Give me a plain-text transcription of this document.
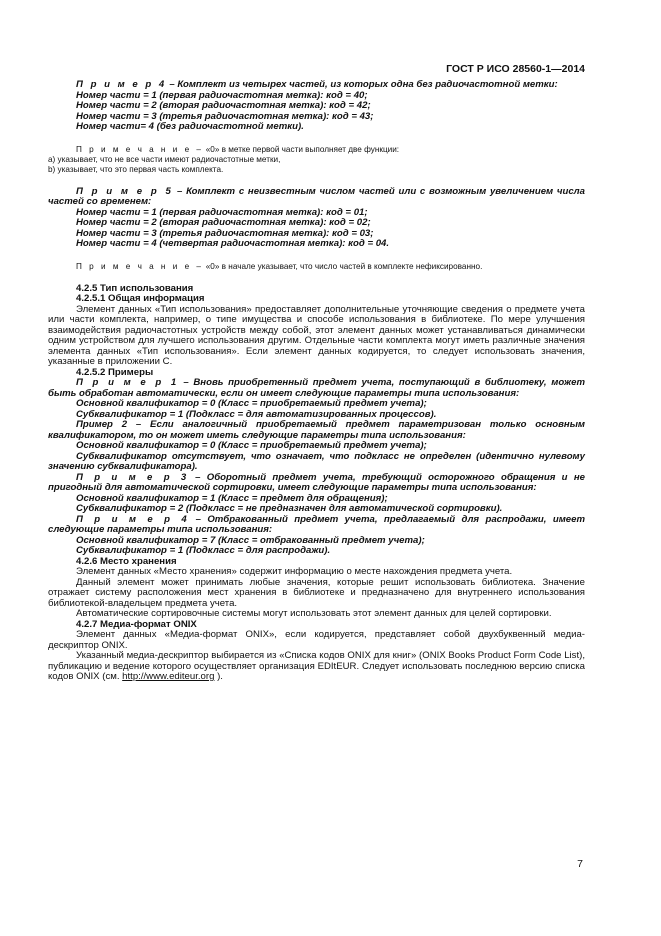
ГОСТ Р ИСО 28560-1—2014

П р и м е р 4 – Комплект из четырех частей, из которых одна без радиочастотной метки:

Номер части = 1 (первая радиочастотная метка): код = 40;
Номер части = 2 (вторая радиочастотная метка): код = 42;
Номер части = 3 (третья радиочастотная метка): код = 43;
Номер части= 4 (без радиочастотной метки).
П р и м е ч а н и е – «0» в метке первой части выполняет две функции:
a) указывает, что не все части имеют радиочастотные метки,
b) указывает, что это первая часть комплекта.

П р и м е р 5 – Комплект с неизвестным числом частей или с возможным увеличением числа частей со временем:

Номер части = 1 (первая радиочастотная метка): код = 01;
Номер части = 2 (вторая радиочастотная метка): код = 02;
Номер части = 3 (третья радиочастотная метка): код = 03;
Номер части = 4 (четвертая радиочастотная метка): код = 04.
П р и м е ч а н и е – «0» в начале указывает, что число частей в комплекте нефиксированно.
4.2.5 Тип использования
4.2.5.1 Общая информация

Элемент данных «Тип использования» предоставляет дополнительные уточняющие сведения о предмете учета или части комплекта, например, о типе имущества и способе использования в библиотеке. По мере улучшения взаимодействия радиочастотных устройств между собой, этот элемент данных может устанавливаться динамически одним устройством для лучшего использования другим. Отдельные части комплекта могут иметь различные значения элемента данных «Тип использования». Если элемент данных кодируется, то следует использовать значения, указанные в приложении С.

4.2.5.2 Примеры

П р и м е р 1 – Вновь приобретенный предмет учета, поступающий в библиотеку, может быть обработан автоматически, если он имеет следующие параметры типа использования:

Основной квалификатор = 0 (Класс = приобретаемый предмет учета);
Субквалификатор = 1 (Подкласс = для автоматизированных процессов).

Пример 2 – Если аналогичный приобретаемый предмет параметризован только основным квалификатором, то он может иметь следующие параметры типа использования:

Основной квалификатор = 0 (Класс = приобретаемый предмет учета);

Субквалификатор отсутствует, что означает, что подкласс не определен (идентично нулевому значению субквалификатора).

П р и м е р 3 – Оборотный предмет учета, требующий осторожного обращения и не пригодный для автоматической сортировки, имеет следующие параметры типа использования:

Основной квалификатор = 1 (Класс = предмет для обращения);
Субквалификатор = 2 (Подкласс = не предназначен для автоматической сортировки).

П р и м е р 4 – Отбракованный предмет учета, предлагаемый для распродажи, имеет следующие параметры типа использования:

Основной квалификатор = 7 (Класс = отбракованный предмет учета);
Субквалификатор = 1 (Подкласс = для распродажи).
4.2.6 Место хранения

Элемент данных «Место хранения» содержит информацию о месте нахождения предмета учета.

Данный элемент может принимать любые значения, которые решит использовать библиотека. Значение отражает систему расположения мест хранения в библиотеке и предназначено для внутреннего использования библиотекой-владельцем предмета учета.

Автоматические сортировочные системы могут использовать этот элемент данных для целей сортировки.

4.2.7 Медиа-формат ONIX

Элемент данных «Медиа-формат ONIX», если кодируется, представляет собой двухбуквенный медиа-дескриптор ONIX.

Указанный медиа-дескриптор выбирается из «Списка кодов ONIX для книг» (ONIX Books Product Form Code List), публикацию и ведение которого осуществляет организация EDItEUR. Следует использовать последнюю версию списка кодов ONIX (см. http://www.editeur.org ).

7
